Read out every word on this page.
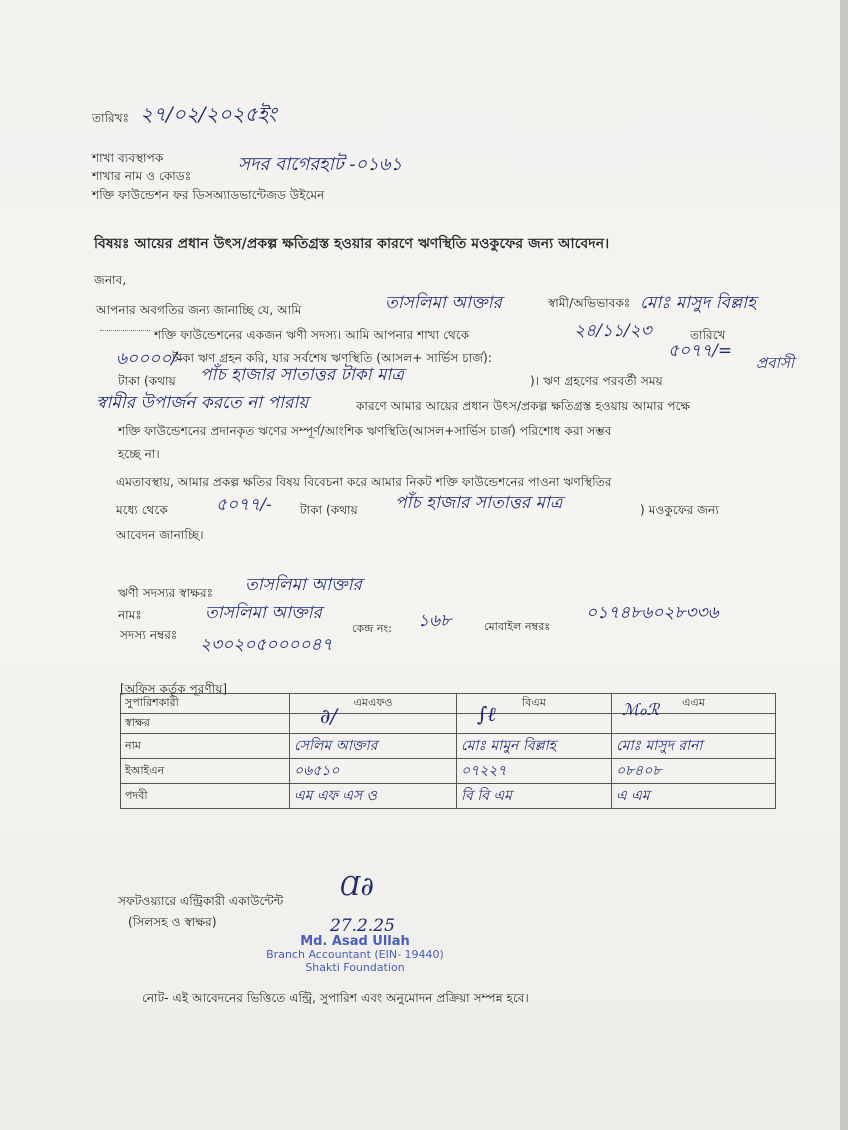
তারিখঃ ২৭/০২/২০২৫ইং
শাখা ব্যবস্থাপক
শাখার নাম ও কোডঃ
সদর বাগেরহাট -০১৬১
শক্তি ফাউন্ডেশন ফর ডিসঅ্যাডভান্টেজড উইমেন
বিষয়ঃ আয়ের প্রধান উৎস/প্রকল্প ক্ষতিগ্রস্ত হওয়ার কারণে ঋণস্থিতি মওকুফের জন্য আবেদন।
জনাব,
আপনার অবগতির জন্য জানাচ্ছি যে, আমি	তাসলিমা আক্তার	স্বামী/অভিভাবকঃ মোঃ মাসুদ বিল্লাহ
শক্তি ফাউন্ডেশনের একজন ঋণী সদস্য। আমি আপনার শাখা থেকে	২৪/১১/২৩	তারিখে
৬০০০০/-
টাকা ঋণ গ্রহন করি, যার সর্বশেষ ঋণস্থিতি (আসল+ সার্ভিস চার্জ):	৫০৭৭/=
টাকা (কথায় পাঁচ হাজার সাতাত্তর টাকা মাত্র	)। ঋণ গ্রহণের পরবর্তী সময়
প্রবাসী
স্বামীর উপার্জন করতে না পারায়	কারণে আমার আয়ের প্রধান উৎস/প্রকল্প ক্ষতিগ্রস্ত হওয়ায় আমার পক্ষে
শক্তি ফাউন্ডেশনের প্রদানকৃত ঋণের সম্পূর্ণ/আংশিক ঋণস্থিতি(আসল+সার্ভিস চার্জ) পরিশোধ করা সম্ভব
হচ্ছে না।
এমতাবস্থায়, আমার প্রকল্প ক্ষতির বিষয় বিবেচনা করে আমার নিকট শক্তি ফাউন্ডেশনের পাওনা ঋণস্থিতির
মধ্যে থেকে	৫০৭৭/- টাকা (কথায় পাঁচ হাজার সাতাত্তর মাত্র	) মওকুফের জন্য
আবেদন জানাচ্ছি।
ঋণী সদস্যর স্বাক্ষরঃ তাসলিমা আক্তার
নামঃ	তাসলিমা আক্তার
সদস্য নম্বরঃ ২৩০২০৫০০০০৪৭
কেন্দ্র নং: ১৬৮	মোবাইল নম্বরঃ
০১৭৪৮৬০২৮৩৩৬
[অফিস কর্তৃক পূরণীয়]
সুপারিশকারী	এমএফও	বিএম	এএম
স্বাক্ষর	∂∕	∫ℓ	ℳℴℛ

নাম	সেলিম আক্তার	মোঃ মামুন বিল্লাহ	মোঃ মাসুদ রানা
ইআইএন	০৬৫১০	০৭২২৭	০৮৪০৮
পদবী	এম এফ এস ও	বি বি এম	এ এম
সফটওয়্যারে এন্ট্রিকারী একাউন্টেন্ট
(সিলসহ ও স্বাক্ষর)
Ɑ∂
27.2.25
Md. Asad Ullah
Branch Accountant (EIN- 19440)
Shakti Foundation
নোট- এই আবেদনের ভিত্তিতে এন্ট্রি, সুপারিশ এবং অনুমোদন প্রক্রিয়া সম্পন্ন হবে।
